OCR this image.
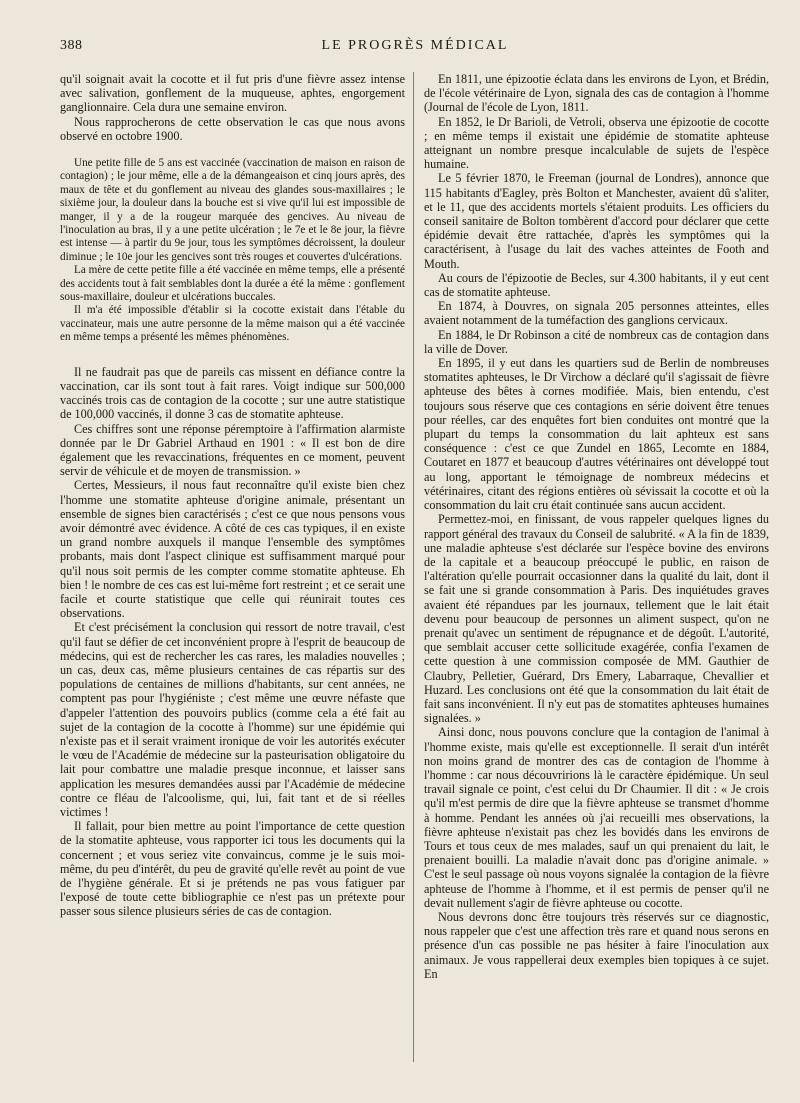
388	LE PROGRÈS MÉDICAL

qu'il soignait avait la cocotte et il fut pris d'une fièvre assez intense avec salivation, gonflement de la muqueuse, aphtes, engorgement ganglionnaire. Cela dura une semaine environ.

Nous rapprocherons de cette observation le cas que nous avons observé en octobre 1900.

Une petite fille de 5 ans est vaccinée (vaccination de maison en raison de contagion) ; le jour même, elle a de la démangeaison et cinq jours après, des maux de tête et du gonflement au niveau des glandes sous-maxillaires ; le sixième jour, la douleur dans la bouche est si vive qu'il lui est impossible de manger, il y a de la rougeur marquée des gencives. Au niveau de l'inoculation au bras, il y a une petite ulcération ; le 7e et le 8e jour, la fièvre est intense — à partir du 9e jour, tous les symptômes décroissent, la douleur diminue ; le 10e jour les gencives sont très rouges et couvertes d'ulcérations.

La mère de cette petite fille a été vaccinée en même temps, elle a présenté des accidents tout à fait semblables dont la durée a été la même : gonflement sous-maxillaire, douleur et ulcérations buccales.

Il m'a été impossible d'établir si la cocotte existait dans l'étable du vaccinateur, mais une autre personne de la même maison qui a été vaccinée en même temps a présenté les mêmes phénomènes.

Il ne faudrait pas que de pareils cas missent en défiance contre la vaccination, car ils sont tout à fait rares. Voigt indique sur 500,000 vaccinés trois cas de contagion de la cocotte ; sur une autre statistique de 100,000 vaccinés, il donne 3 cas de stomatite aphteuse.

Ces chiffres sont une réponse péremptoire à l'affirmation alarmiste donnée par le Dr Gabriel Arthaud en 1901 : « Il est bon de dire également que les revaccinations, fréquentes en ce moment, peuvent servir de véhicule et de moyen de transmission. »

Certes, Messieurs, il nous faut reconnaître qu'il existe bien chez l'homme une stomatite aphteuse d'origine animale, présentant un ensemble de signes bien caractérisés ; c'est ce que nous pensons vous avoir démontré avec évidence. A côté de ces cas typiques, il en existe un grand nombre auxquels il manque l'ensemble des symptômes probants, mais dont l'aspect clinique est suffisamment marqué pour qu'il nous soit permis de les compter comme stomatite aphteuse. Eh bien ! le nombre de ces cas est lui-même fort restreint ; et ce serait une facile et courte statistique que celle qui réunirait toutes ces observations.

Et c'est précisément la conclusion qui ressort de notre travail, c'est qu'il faut se défier de cet inconvénient propre à l'esprit de beaucoup de médecins, qui est de rechercher les cas rares, les maladies nouvelles ; un cas, deux cas, même plusieurs centaines de cas répartis sur des populations de centaines de millions d'habitants, sur cent années, ne comptent pas pour l'hygiéniste ; c'est même une œuvre néfaste que d'appeler l'attention des pouvoirs publics (comme cela a été fait au sujet de la contagion de la cocotte à l'homme) sur une épidémie qui n'existe pas et il serait vraiment ironique de voir les autorités exécuter le vœu de l'Académie de médecine sur la pasteurisation obligatoire du lait pour combattre une maladie presque inconnue, et laisser sans application les mesures demandées aussi par l'Académie de médecine contre ce fléau de l'alcoolisme, qui, lui, fait tant et de si réelles victimes !

Il fallait, pour bien mettre au point l'importance de cette question de la stomatite aphteuse, vous rapporter ici tous les documents qui la concernent ; et vous seriez vite convaincus, comme je le suis moi-même, du peu d'intérêt, du peu de gravité qu'elle revêt au point de vue de l'hygiène générale. Et si je prétends ne pas vous fatiguer par l'exposé de toute cette bibliographie ce n'est pas un prétexte pour passer sous silence plusieurs séries de cas de contagion.

En 1811, une épizootie éclata dans les environs de Lyon, et Brédin, de l'école vétérinaire de Lyon, signala des cas de contagion à l'homme (Journal de l'école de Lyon, 1811.

En 1852, le Dr Barioli, de Vetroli, observa une épizootie de cocotte ; en même temps il existait une épidémie de stomatite aphteuse atteignant un nombre presque incalculable de sujets de l'espèce humaine.

Le 5 février 1870, le Freeman (journal de Londres), annonce que 115 habitants d'Eagley, près Bolton et Manchester, avaient dû s'aliter, et le 11, que des accidents mortels s'étaient produits. Les officiers du conseil sanitaire de Bolton tombèrent d'accord pour déclarer que cette épidémie devait être rattachée, d'après les symptômes qui la caractérisent, à l'usage du lait des vaches atteintes de Footh and Mouth.

Au cours de l'épizootie de Becles, sur 4.300 habitants, il y eut cent cas de stomatite aphteuse.

En 1874, à Douvres, on signala 205 personnes atteintes, elles avaient notamment de la tuméfaction des ganglions cervicaux.

En 1884, le Dr Robinson a cité de nombreux cas de contagion dans la ville de Dover.

En 1895, il y eut dans les quartiers sud de Berlin de nombreuses stomatites aphteuses, le Dr Virchow a déclaré qu'il s'agissait de fièvre aphteuse des bêtes à cornes modifiée. Mais, bien entendu, c'est toujours sous réserve que ces contagions en série doivent être tenues pour réelles, car des enquêtes fort bien conduites ont montré que la plupart du temps la consommation du lait aphteux est sans conséquence : c'est ce que Zundel en 1865, Lecomte en 1884, Coutaret en 1877 et beaucoup d'autres vétérinaires ont développé tout au long, apportant le témoignage de nombreux médecins et vétérinaires, citant des régions entières où sévissait la cocotte et où la consommation du lait cru était continuée sans aucun accident.

Permettez-moi, en finissant, de vous rappeler quelques lignes du rapport général des travaux du Conseil de salubrité. « A la fin de 1839, une maladie aphteuse s'est déclarée sur l'espèce bovine des environs de la capitale et a beaucoup préoccupé le public, en raison de l'altération qu'elle pourrait occasionner dans la qualité du lait, dont il se fait une si grande consommation à Paris. Des inquiétudes graves avaient été répandues par les journaux, tellement que le lait était devenu pour beaucoup de personnes un aliment suspect, qu'on ne prenait qu'avec un sentiment de répugnance et de dégoût. L'autorité, que semblait accuser cette sollicitude exagérée, confia l'examen de cette question à une commission composée de MM. Gauthier de Claubry, Pelletier, Guérard, Drs Emery, Labarraque, Chevallier et Huzard. Les conclusions ont été que la consommation du lait était de fait sans inconvénient. Il n'y eut pas de stomatites aphteuses humaines signalées. »

Ainsi donc, nous pouvons conclure que la contagion de l'animal à l'homme existe, mais qu'elle est exceptionnelle. Il serait d'un intérêt non moins grand de montrer des cas de contagion de l'homme à l'homme : car nous découvririons là le caractère épidémique. Un seul travail signale ce point, c'est celui du Dr Chaumier. Il dit : « Je crois qu'il m'est permis de dire que la fièvre aphteuse se transmet d'homme à homme. Pendant les années où j'ai recueilli mes observations, la fièvre aphteuse n'existait pas chez les bovidés dans les environs de Tours et tous ceux de mes malades, sauf un qui prenaient du lait, le prenaient bouilli. La maladie n'avait donc pas d'origine animale. » C'est le seul passage où nous voyons signalée la contagion de la fièvre aphteuse de l'homme à l'homme, et il est permis de penser qu'il ne devait nullement s'agir de fièvre aphteuse ou cocotte.

Nous devrons donc être toujours très réservés sur ce diagnostic, nous rappeler que c'est une affection très rare et quand nous serons en présence d'un cas possible ne pas hésiter à faire l'inoculation aux animaux. Je vous rappellerai deux exemples bien topiques à ce sujet. En
